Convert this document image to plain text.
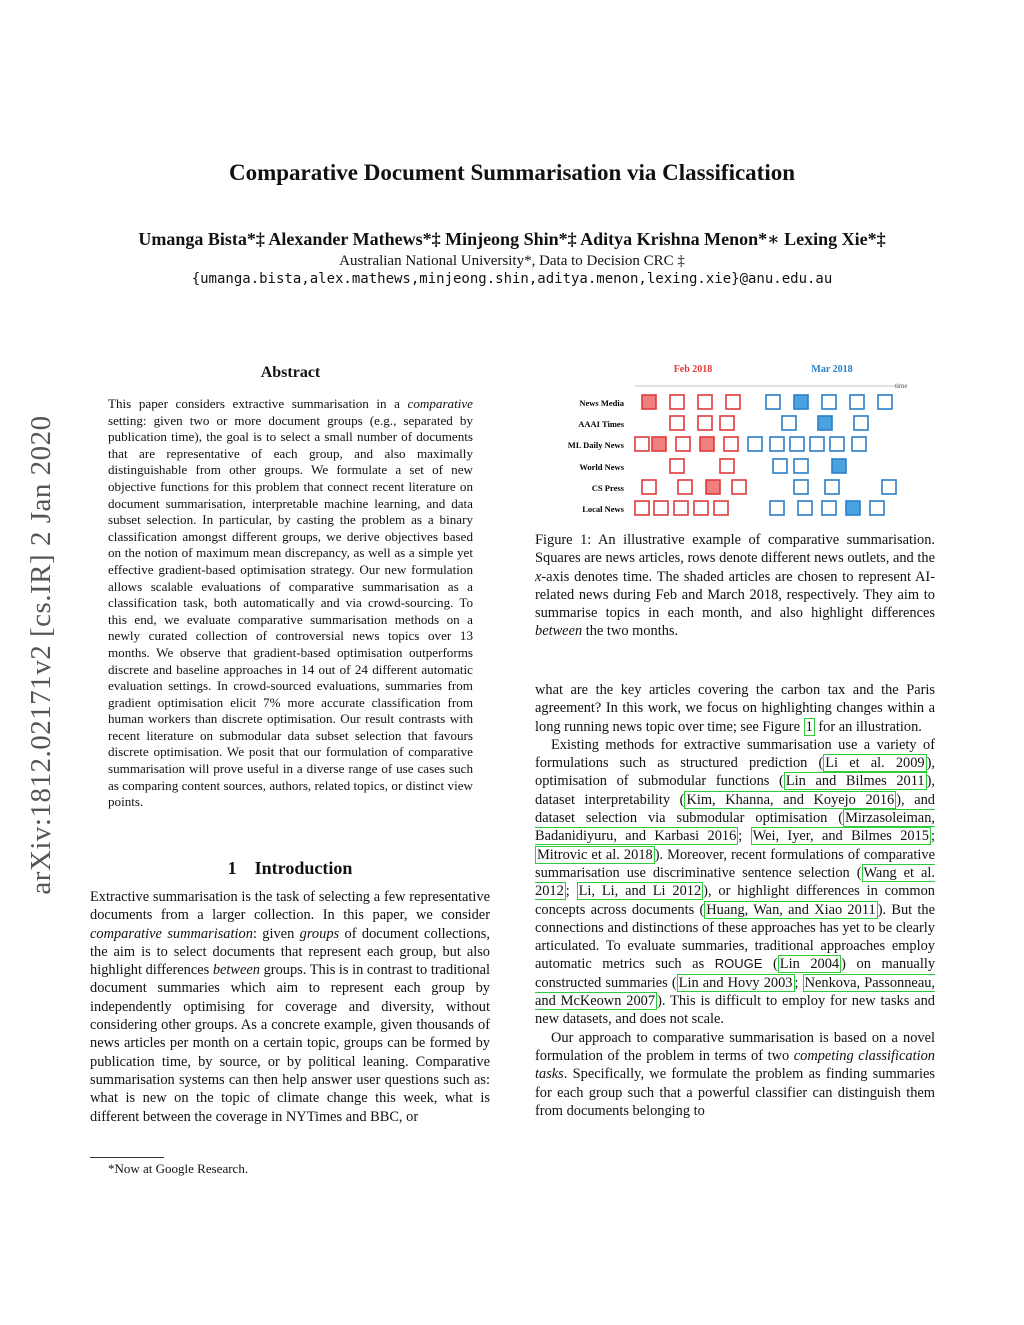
arXiv:1812.02171v2 [cs.IR] 2 Jan 2020
Comparative Document Summarisation via Classification
Umanga Bista*‡ Alexander Mathews*‡ Minjeong Shin*‡ Aditya Krishna Menon*∗ Lexing Xie*‡
Australian National University*, Data to Decision CRC ‡
{umanga.bista,alex.mathews,minjeong.shin,aditya.menon,lexing.xie}@anu.edu.au
Abstract
This paper considers extractive summarisation in a comparative setting: given two or more document groups (e.g., separated by publication time), the goal is to select a small number of documents that are representative of each group, and also maximally distinguishable from other groups. We formulate a set of new objective functions for this problem that connect recent literature on document summarisation, interpretable machine learning, and data subset selection. In particular, by casting the problem as a binary classification amongst different groups, we derive objectives based on the notion of maximum mean discrepancy, as well as a simple yet effective gradient-based optimisation strategy. Our new formulation allows scalable evaluations of comparative summarisation as a classification task, both automatically and via crowd-sourcing. To this end, we evaluate comparative summarisation methods on a newly curated collection of controversial news topics over 13 months. We observe that gradient-based optimisation outperforms discrete and baseline approaches in 14 out of 24 different automatic evaluation settings. In crowd-sourced evaluations, summaries from gradient optimisation elicit 7% more accurate classification from human workers than discrete optimisation. Our result contrasts with recent literature on submodular data subset selection that favours discrete optimisation. We posit that our formulation of comparative summarisation will prove useful in a diverse range of use cases such as comparing content sources, authors, related topics, or distinct view points.
1 Introduction
Extractive summarisation is the task of selecting a few representative documents from a larger collection. In this paper, we consider comparative summarisation: given groups of document collections, the aim is to select documents that represent each group, but also highlight differences between groups. This is in contrast to traditional document summaries which aim to represent each group by independently optimising for coverage and diversity, without considering other groups. As a concrete example, given thousands of news articles per month on a certain topic, groups can be formed by publication time, by source, or by political leaning. Comparative summarisation systems can then help answer user questions such as: what is new on the topic of climate change this week, what is different between the coverage in NYTimes and BBC, or
*Now at Google Research.
Feb 2018	Mar 2018
time
News Media
AAAI Times
ML Daily News
World News
CS Press
Local News
Figure 1: An illustrative example of comparative summarisation. Squares are news articles, rows denote different news outlets, and the x-axis denotes time. The shaded articles are chosen to represent AI-related news during Feb and March 2018, respectively. They aim to summarise topics in each month, and also highlight differences between the two months.

what are the key articles covering the carbon tax and the Paris agreement? In this work, we focus on highlighting changes within a long running news topic over time; see Figure 1 for an illustration.

Existing methods for extractive summarisation use a variety of formulations such as structured prediction ( Li et al. 2009 ), optimisation of submodular functions ( Lin and Bilmes 2011 ), dataset interpretability ( Kim, Khanna, and Koyejo 2016 ), and dataset selection via submodular optimisation ( Mirzasoleiman, Badanidiyuru, and Karbasi 2016 ; Wei, Iyer, and Bilmes 2015 ; Mitrovic et al. 2018 ). Moreover, recent formulations of comparative summarisation use discriminative sentence selection ( Wang et al. 2012 ; Li, Li, and Li 2012 ), or highlight differences in common concepts across documents ( Huang, Wan, and Xiao 2011 ). But the connections and distinctions of these approaches has yet to be clearly articulated. To evaluate summaries, traditional approaches employ automatic metrics such as ROUGE ( Lin 2004 ) on manually constructed summaries ( Lin and Hovy 2003 ; Nenkova, Passonneau, and McKeown 2007 ). This is difficult to employ for new tasks and new datasets, and does not scale.

Our approach to comparative summarisation is based on a novel formulation of the problem in terms of two competing classification tasks. Specifically, we formulate the problem as finding summaries for each group such that a powerful classifier can distinguish them from documents belonging to
